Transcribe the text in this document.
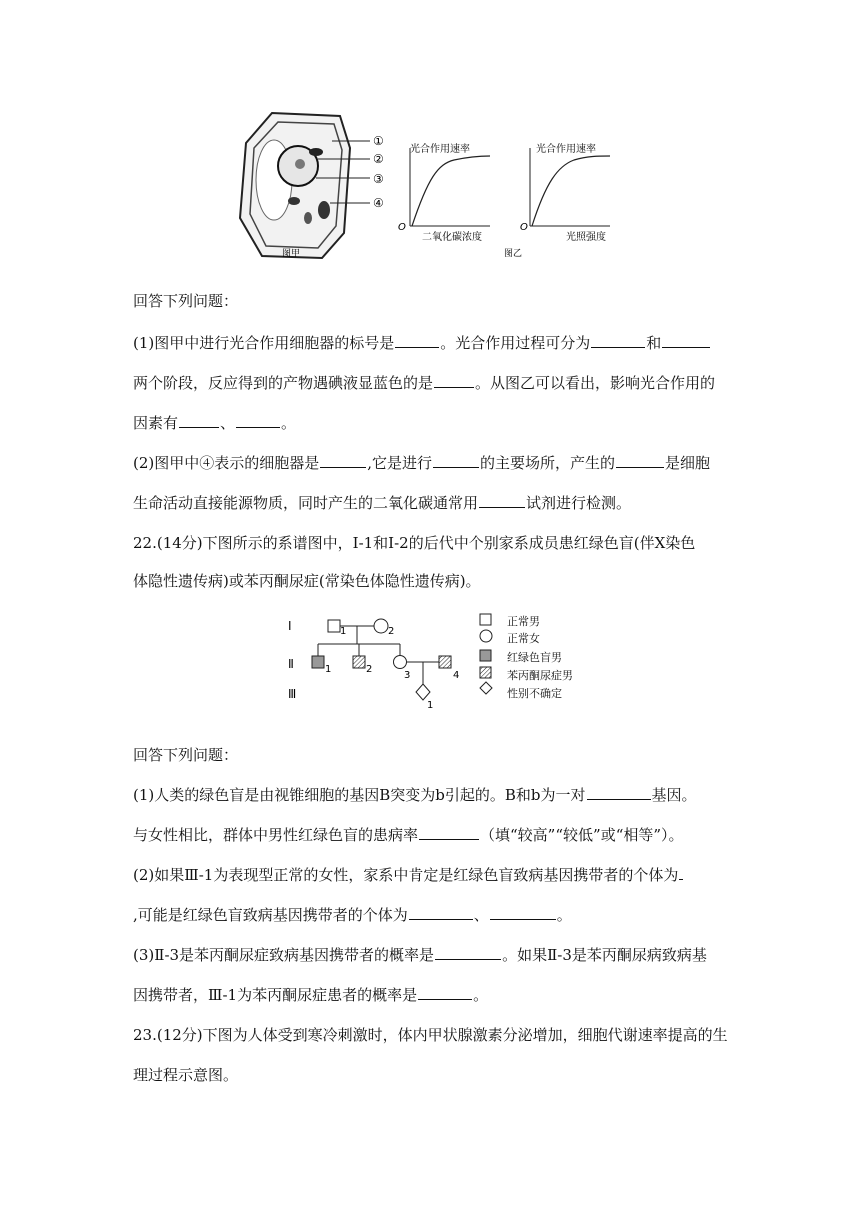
①
②
③
④
图甲
光合作用速率
O
二氧化碳浓度
光合作用速率
O
光照强度
图乙
回答下列问题：
(1)图甲中进行光合作用细胞器的标号是	。光合作用过程可分为	和
两个阶段，反应得到的产物遇碘液显蓝色的是	。从图乙可以看出，影响光合作用的
因素有	、	。
(2)图甲中④表示的细胞器是	,它是进行	的主要场所，产生的	是细胞
生命活动直接能源物质，同时产生的二氧化碳通常用	试剂进行检测。
22.(14分)下图所示的系谱图中，I-1和I-2的后代中个别家系成员患红绿色盲(伴X染色
体隐性遗传病)或苯丙酮尿症(常染色体隐性遗传病)。
Ⅰ
Ⅱ
Ⅲ
1	2
1	2
3	4
1
正常男
正常女
红绿色盲男
苯丙酮尿症男
性别不确定
回答下列问题：
(1)人类的绿色盲是由视锥细胞的基因B突变为b引起的。B和b为一对	基因。
与女性相比，群体中男性红绿色盲的患病率	（填“较高”“较低”或“相等”）。
(2)如果Ⅲ-1为表现型正常的女性，家系中肯定是红绿色盲致病基因携带者的个体为
,可能是红绿色盲致病基因携带者的个体为	、	。
(3)Ⅱ-3是苯丙酮尿症致病基因携带者的概率是	。如果Ⅱ-3是苯丙酮尿病致病基
因携带者，Ⅲ-1为苯丙酮尿症患者的概率是	。
23.(12分)下图为人体受到寒冷刺激时，体内甲状腺激素分泌增加，细胞代谢速率提高的生
理过程示意图。
